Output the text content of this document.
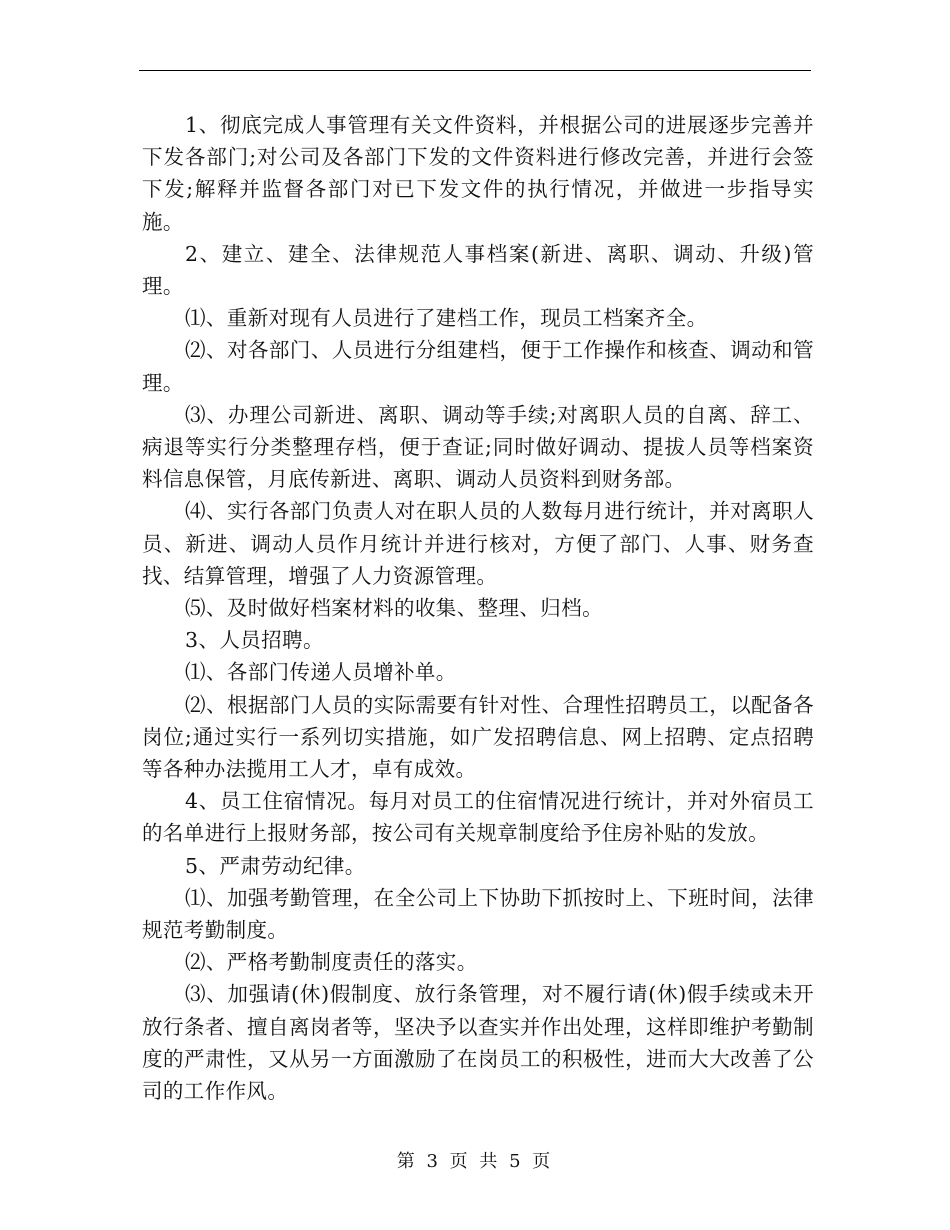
1、彻底完成人事管理有关文件资料，并根据公司的进展逐步完善并下发各部门;对公司及各部门下发的文件资料进行修改完善，并进行会签下发;解释并监督各部门对已下发文件的执行情况，并做进一步指导实施。

2、建立、建全、法律规范人事档案(新进、离职、调动、升级)管理。

⑴、重新对现有人员进行了建档工作，现员工档案齐全。

⑵、对各部门、人员进行分组建档，便于工作操作和核查、调动和管理。

⑶、办理公司新进、离职、调动等手续;对离职人员的自离、辞工、病退等实行分类整理存档，便于查证;同时做好调动、提拔人员等档案资料信息保管，月底传新进、离职、调动人员资料到财务部。

⑷、实行各部门负责人对在职人员的人数每月进行统计，并对离职人员、新进、调动人员作月统计并进行核对，方便了部门、人事、财务查找、结算管理，增强了人力资源管理。

⑸、及时做好档案材料的收集、整理、归档。

3、人员招聘。

⑴、各部门传递人员增补单。

⑵、根据部门人员的实际需要有针对性、合理性招聘员工，以配备各岗位;通过实行一系列切实措施，如广发招聘信息、网上招聘、定点招聘等各种办法揽用工人才，卓有成效。

4、员工住宿情况。每月对员工的住宿情况进行统计，并对外宿员工的名单进行上报财务部，按公司有关规章制度给予住房补贴的发放。

5、严肃劳动纪律。

⑴、加强考勤管理，在全公司上下协助下抓按时上、下班时间，法律规范考勤制度。

⑵、严格考勤制度责任的落实。

⑶、加强请(休)假制度、放行条管理，对不履行请(休)假手续或未开放行条者、擅自离岗者等，坚决予以查实并作出处理，这样即维护考勤制度的严肃性，又从另一方面激励了在岗员工的积极性，进而大大改善了公司的工作作风。

第 3 页 共 5 页
